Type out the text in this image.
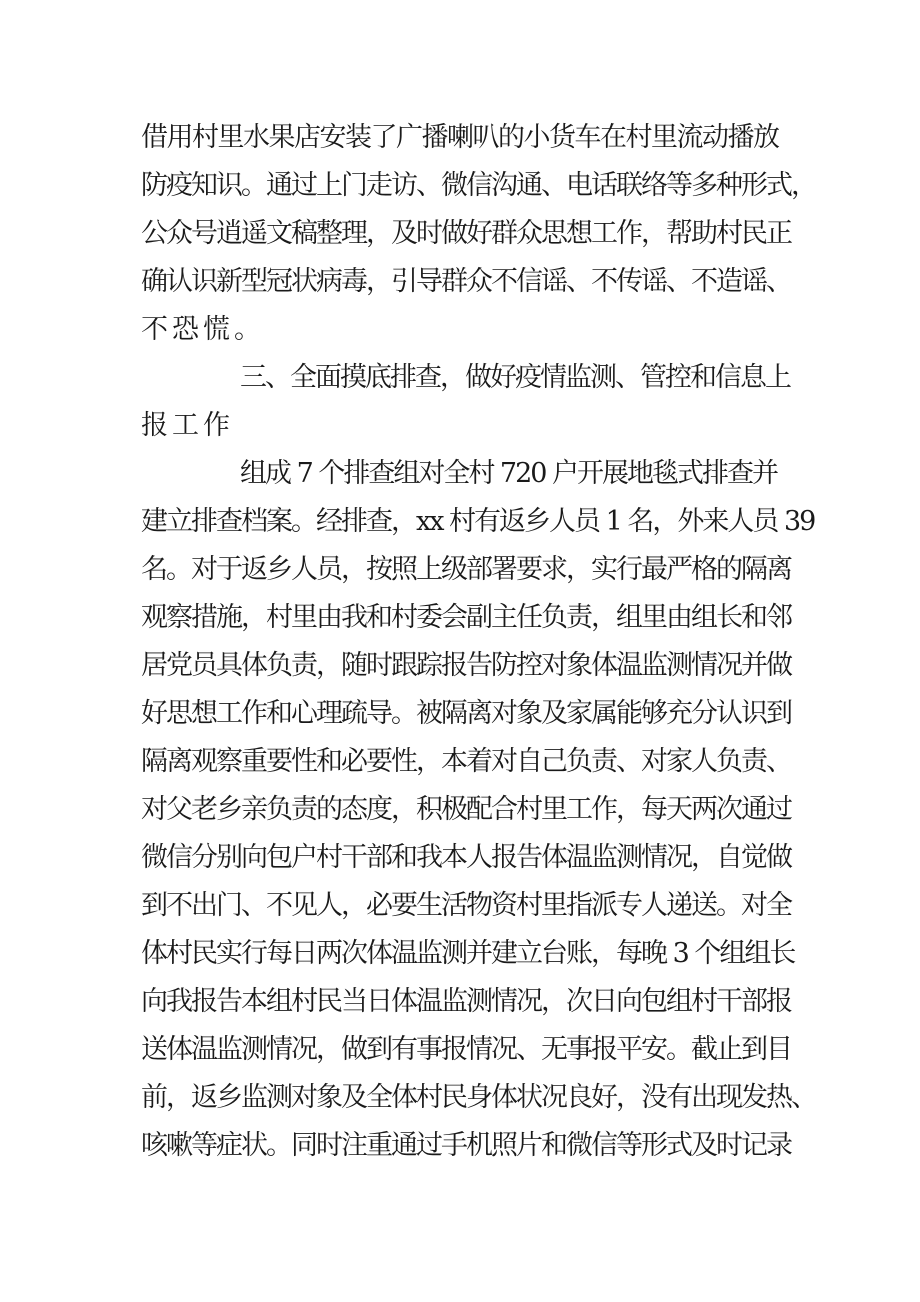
借用村里水果店安装了广播喇叭的小货车在村里流动播放
防疫知识。通过上门走访、微信沟通、电话联络等多种形式，
公众号逍遥文稿整理，及时做好群众思想工作，帮助村民正
确认识新型冠状病毒，引导群众不信谣、不传谣、不造谣、
不恐慌。
三、全面摸底排查，做好疫情监测、管控和信息上
报工作
组成 7 个排查组对全村 720 户开展地毯式排查并
建立排查档案。经排查，xx 村有返乡人员 1 名，外来人员 39
名。对于返乡人员，按照上级部署要求，实行最严格的隔离
观察措施，村里由我和村委会副主任负责，组里由组长和邻
居党员具体负责，随时跟踪报告防控对象体温监测情况并做
好思想工作和心理疏导。被隔离对象及家属能够充分认识到
隔离观察重要性和必要性，本着对自己负责、对家人负责、
对父老乡亲负责的态度，积极配合村里工作，每天两次通过
微信分别向包户村干部和我本人报告体温监测情况，自觉做
到不出门、不见人，必要生活物资村里指派专人递送。对全
体村民实行每日两次体温监测并建立台账，每晚 3 个组组长
向我报告本组村民当日体温监测情况，次日向包组村干部报
送体温监测情况，做到有事报情况、无事报平安。截止到目
前，返乡监测对象及全体村民身体状况良好，没有出现发热、
咳嗽等症状。同时注重通过手机照片和微信等形式及时记录
